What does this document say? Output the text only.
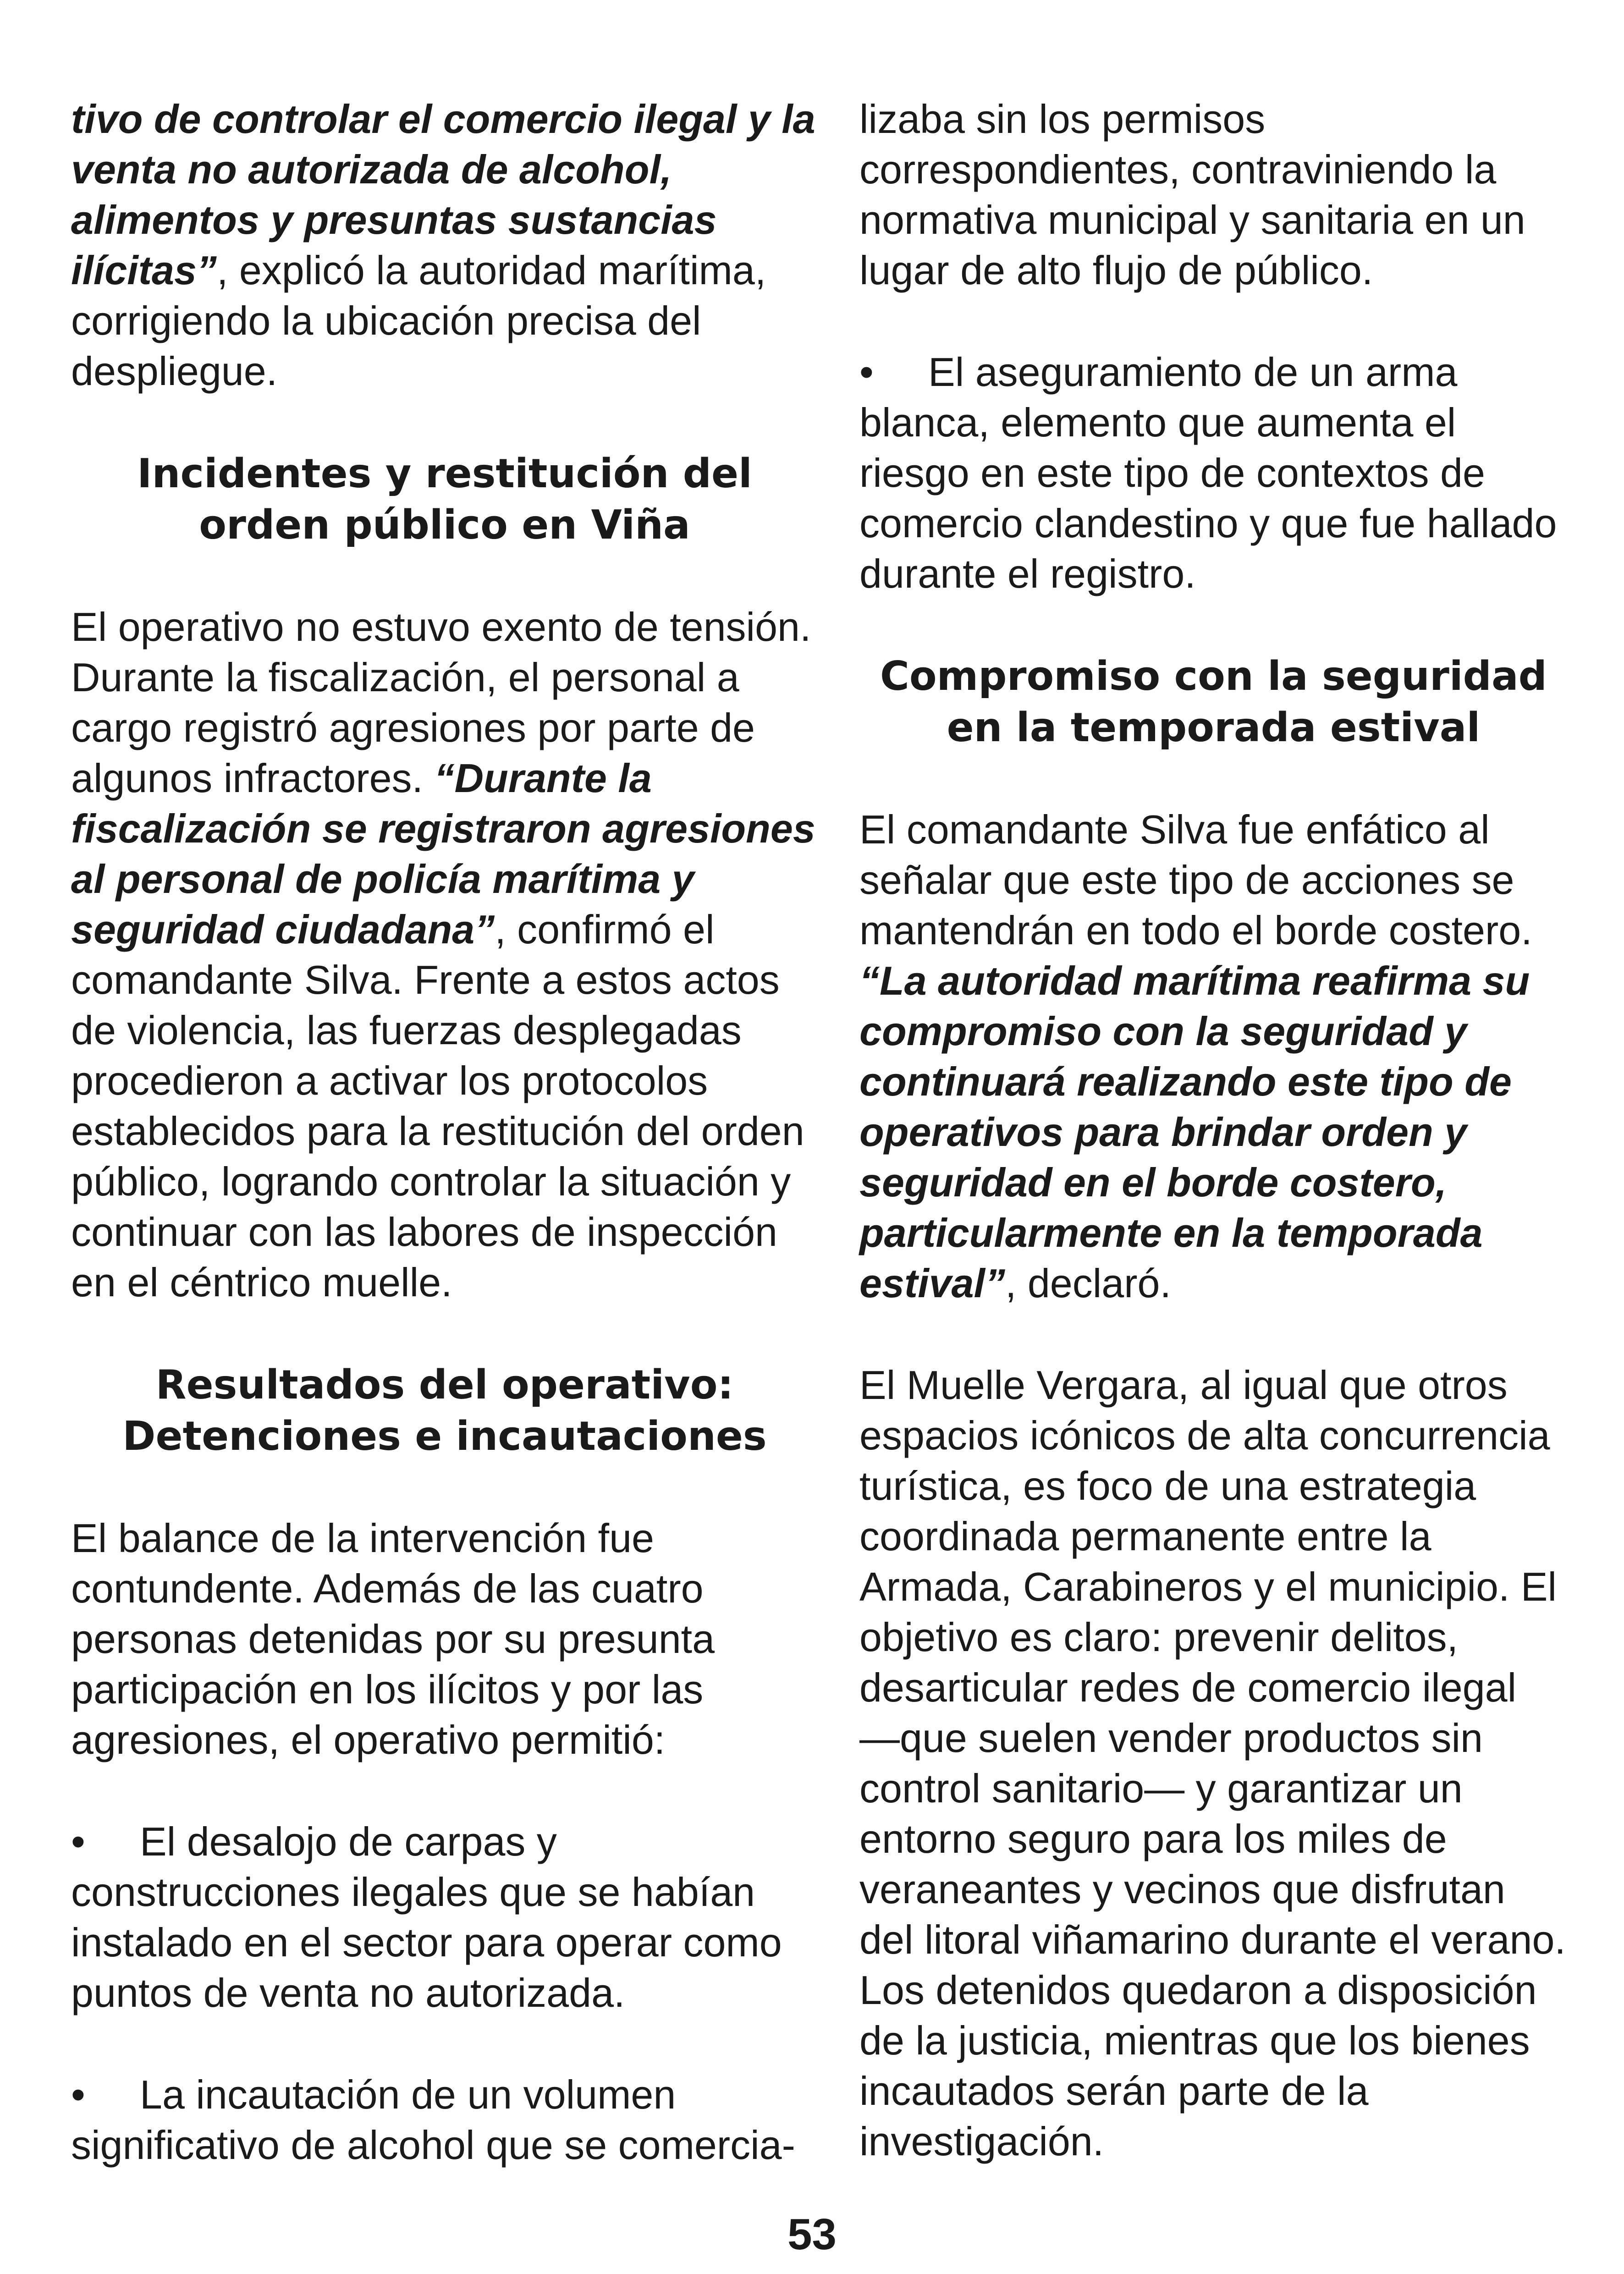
tivo de controlar el comercio ilegal y la venta no autorizada de alcohol, alimentos y presuntas sustancias ilícitas”, explicó la autoridad marítima, corrigiendo la ubicación precisa del despliegue.

Incidentes y restitución del orden público en Viña

El operativo no estuvo exento de tensión. Durante la fiscalización, el personal a cargo registró agresiones por parte de algunos infractores. “Durante la fiscalización se registraron agresiones al personal de policía marítima y seguridad ciudadana”, confirmó el comandante Silva. Frente a estos actos de violencia, las fuerzas desplegadas procedieron a activar los protocolos establecidos para la restitución del orden público, logrando controlar la situación y continuar con las labores de inspección en el céntrico muelle.

Resultados del operativo: Detenciones e incautaciones

El balance de la intervención fue contundente. Además de las cuatro personas detenidas por su presunta participación en los ilícitos y por las agresiones, el operativo permitió:

• El desalojo de carpas y construcciones ilegales que se habían instalado en el sector para operar como puntos de venta no autorizada.

• La incautación de un volumen significativo de alcohol que se comercia-

lizaba sin los permisos correspondientes, contraviniendo la normativa municipal y sanitaria en un lugar de alto flujo de público.

• El aseguramiento de un arma blanca, elemento que aumenta el riesgo en este tipo de contextos de comercio clandestino y que fue hallado durante el registro.

Compromiso con la seguridad en la temporada estival

El comandante Silva fue enfático al señalar que este tipo de acciones se mantendrán en todo el borde costero. “La autoridad marítima reafirma su compromiso con la seguridad y continuará realizando este tipo de operativos para brindar orden y seguridad en el borde costero, particularmente en la temporada estival”, declaró.

El Muelle Vergara, al igual que otros espacios icónicos de alta concurrencia turística, es foco de una estrategia coordinada permanente entre la Armada, Carabineros y el municipio. El objetivo es claro: prevenir delitos, desarticular redes de comercio ilegal —que suelen vender productos sin control sanitario— y garantizar un entorno seguro para los miles de veraneantes y vecinos que disfrutan del litoral viñamarino durante el verano. Los detenidos quedaron a disposición de la justicia, mientras que los bienes incautados serán parte de la investigación.

53
